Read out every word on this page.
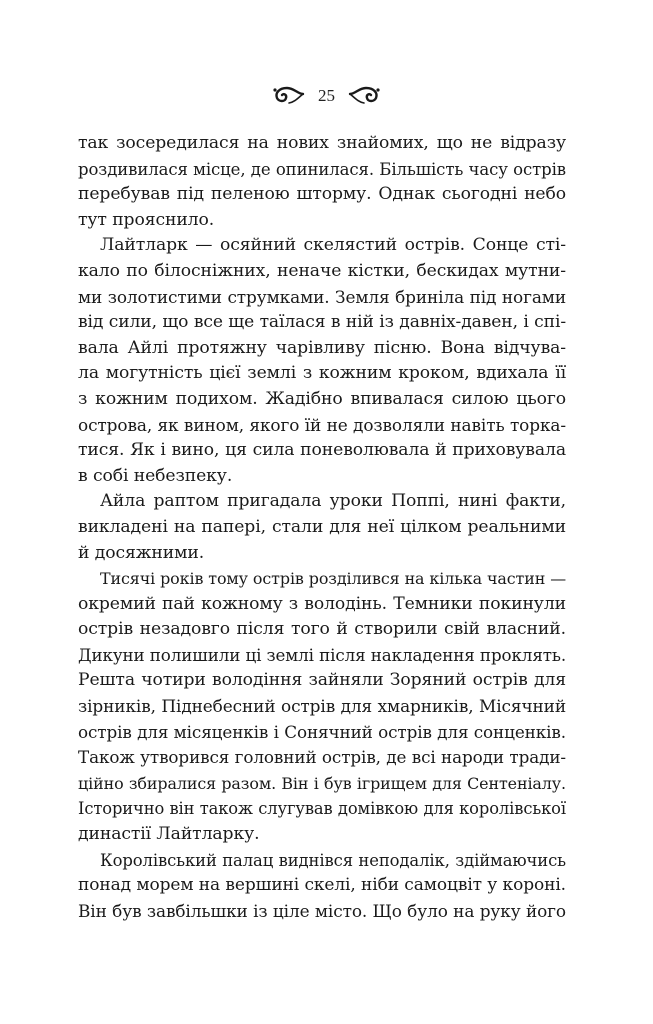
25
так зосередилася на нових знайомих, що не відразу
роздивилася місце, де опинилася. Більшість часу острів
перебував під пеленою шторму. Однак сьогодні небо
тут прояснило.
Лайтларк — осяйний скелястий острів. Сонце сті-
кало по білосніжних, неначе кістки, бескидах мутни-
ми золотистими струмками. Земля бриніла під ногами
від сили, що все ще таїлася в ній із давніх-давен, і спі-
вала Айлі протяжну чарівливу пісню. Вона відчува-
ла могутність цієї землі з кожним кроком, вдихала її
з кожним подихом. Жадібно впивалася силою цього
острова, як вином, якого їй не дозволяли навіть торка-
тися. Як і вино, ця сила поневолювала й приховувала
в собі небезпеку.
Айла раптом пригадала уроки Поппі, нині факти,
викладені на папері, стали для неї цілком реальними
й досяжними.
Тисячі років тому острів розділився на кілька частин —
окремий пай кожному з володінь. Темники покинули
острів незадовго після того й створили свій власний.
Дикуни полишили ці землі після накладення проклять.
Решта чотири володіння зайняли Зоряний острів для
зірників, Піднебесний острів для хмарників, Місячний
острів для місяценків і Сонячний острів для сонценків.
Також утворився головний острів, де всі народи тради-
ційно збиралися разом. Він і був ігрищем для Сентеніалу.
Історично він також слугував домівкою для королівської
династії Лайтларку.
Королівський палац виднівся неподалік, здіймаючись
понад морем на вершині скелі, ніби самоцвіт у короні.
Він був завбільшки із ціле місто. Що було на руку його
